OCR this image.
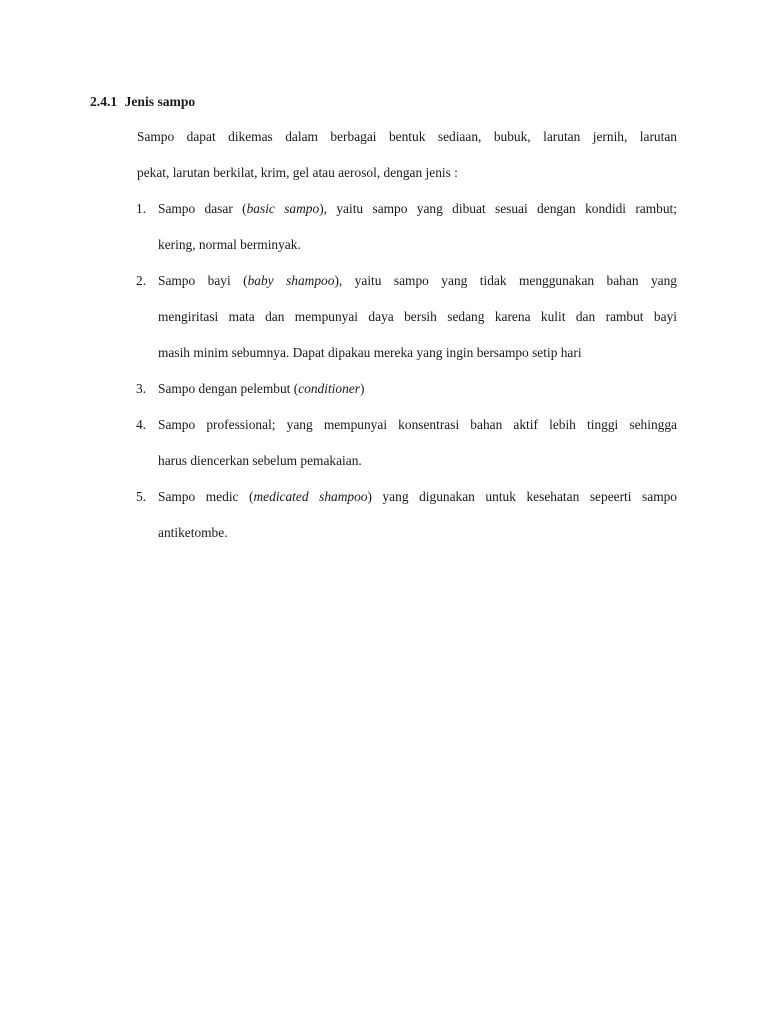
2.4.1 Jenis sampo
Sampo dapat dikemas dalam berbagai bentuk sediaan, bubuk, larutan jernih, larutan
pekat, larutan berkilat, krim, gel atau aerosol, dengan jenis :
1. Sampo dasar (basic sampo), yaitu sampo yang dibuat sesuai dengan kondidi rambut;
kering, normal berminyak.
2. Sampo bayi (baby shampoo), yaitu sampo yang tidak menggunakan bahan yang
mengiritasi mata dan mempunyai daya bersih sedang karena kulit dan rambut bayi
masih minim sebumnya. Dapat dipakau mereka yang ingin bersampo setip hari
3. Sampo dengan pelembut (conditioner)
4. Sampo professional; yang mempunyai konsentrasi bahan aktif lebih tinggi sehingga
harus diencerkan sebelum pemakaian.
5. Sampo medic (medicated shampoo) yang digunakan untuk kesehatan sepeerti sampo
antiketombe.
